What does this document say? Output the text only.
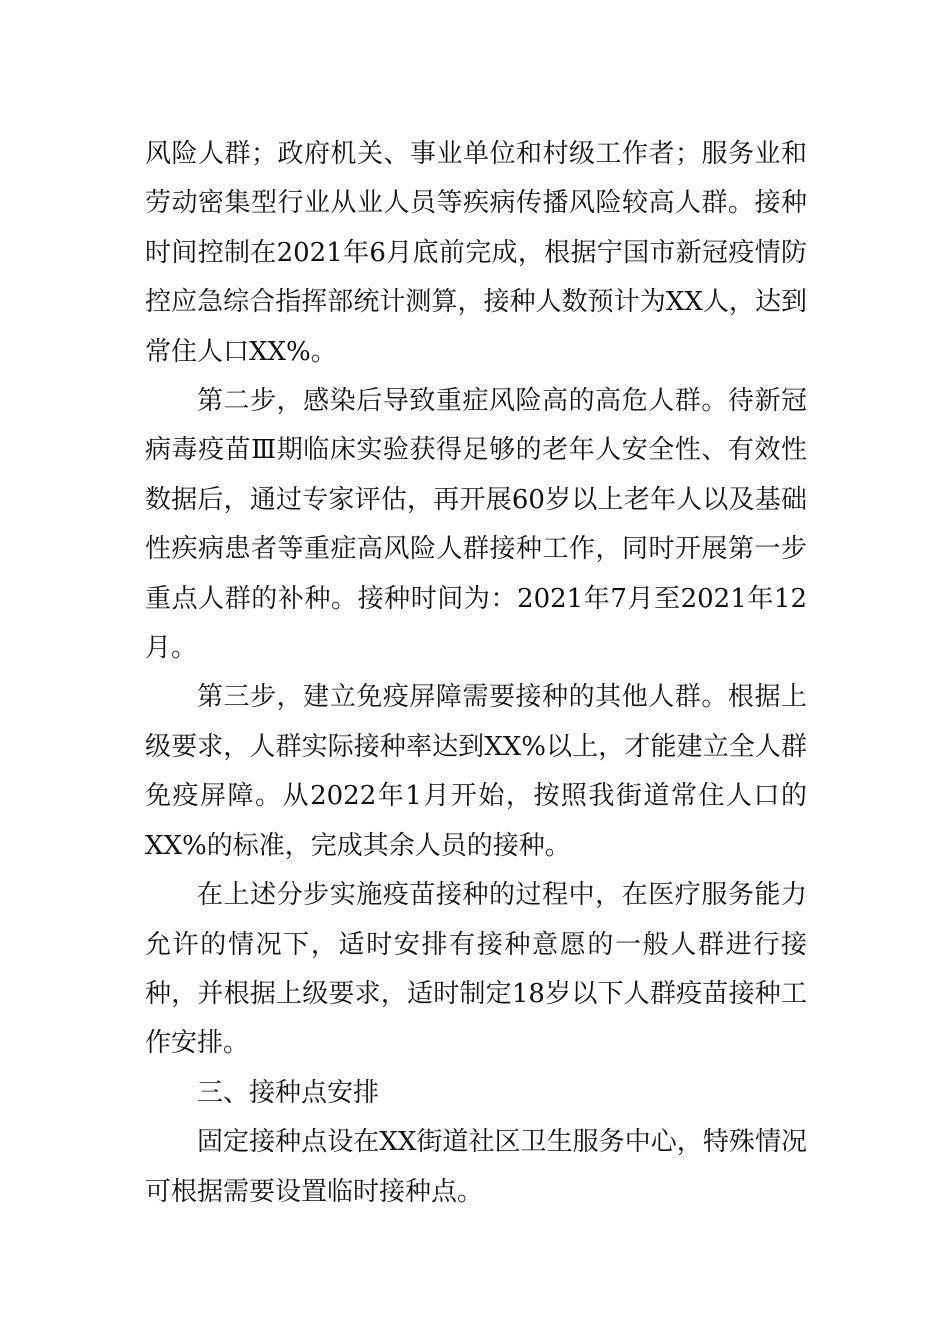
风险人群；政府机关、事业单位和村级工作者；服务业和劳动密集型行业从业人员等疾病传播风险较高人群。接种时间控制在2021年6月底前完成，根据宁国市新冠疫情防控应急综合指挥部统计测算，接种人数预计为XX人，达到常住人口XX%。

第二步，感染后导致重症风险高的高危人群。待新冠病毒疫苗Ⅲ期临床实验获得足够的老年人安全性、有效性数据后，通过专家评估，再开展60岁以上老年人以及基础性疾病患者等重症高风险人群接种工作，同时开展第一步重点人群的补种。接种时间为：2021年7月至2021年12月。

第三步，建立免疫屏障需要接种的其他人群。根据上级要求，人群实际接种率达到XX%以上，才能建立全人群免疫屏障。从2022年1月开始，按照我街道常住人口的XX%的标准，完成其余人员的接种。

在上述分步实施疫苗接种的过程中，在医疗服务能力允许的情况下，适时安排有接种意愿的一般人群进行接种，并根据上级要求，适时制定18岁以下人群疫苗接种工作安排。

三、接种点安排

固定接种点设在XX街道社区卫生服务中心，特殊情况可根据需要设置临时接种点。
